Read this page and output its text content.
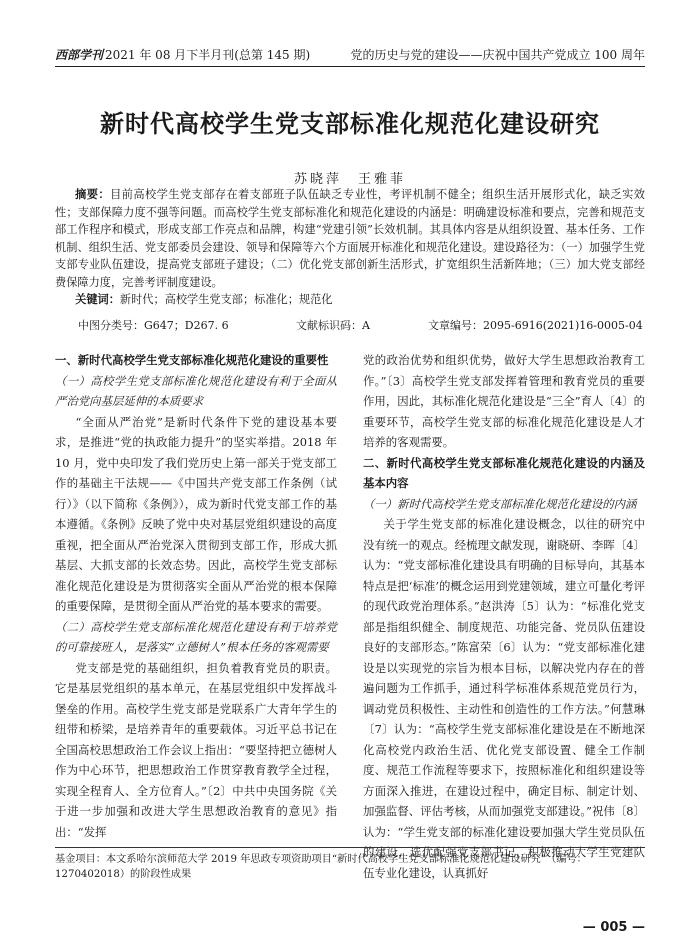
西部学刊 2021 年 08 月下半月刊(总第 145 期)	党的历史与党的建设——庆祝中国共产党成立 100 周年
新时代高校学生党支部标准化规范化建设研究
苏晓萍　王雅菲

摘要：目前高校学生党支部存在着支部班子队伍缺乏专业性，考评机制不健全；组织生活开展形式化，缺乏实效性；支部保障力度不强等问题。而高校学生党支部标准化和规范化建设的内涵是：明确建设标准和要点，完善和规范支部工作程序和模式，形成支部工作亮点和品牌，构建“党建引领”长效机制。其具体内容是从组织设置、基本任务、工作机制、组织生活、党支部委员会建设、领导和保障等六个方面展开标准化和规范化建设。建设路径为：（一）加强学生党支部专业队伍建设，提高党支部班子建设；（二）优化党支部创新生活形式，扩宽组织生活新阵地；（三）加大党支部经费保障力度，完善考评制度建设。

关键词：新时代；高校学生党支部；标准化；规范化

中图分类号：G647；D267. 6	文献标识码：A	文章编号：2095-6916(2021)16-0005-04

一、新时代高校学生党支部标准化规范化建设的重要性

（一）高校学生党支部标准化规范化建设有利于全面从严治党向基层延伸的本质要求

“全面从严治党”是新时代条件下党的建设基本要求，是推进“党的执政能力提升”的坚实举措。2018 年 10 月，党中央印发了我们党历史上第一部关于党支部工作的基础主干法规——《中国共产党支部工作条例（试行）》（以下简称《条例》），成为新时代党支部工作的基本遵循。《条例》反映了党中央对基层党组织建设的高度重视，把全面从严治党深入贯彻到支部工作，形成大抓基层、大抓支部的长效态势。因此，高校学生党支部标准化规范化建设是为贯彻落实全面从严治党的根本保障的重要保障，是贯彻全面从严治党的基本要求的需要。

（二）高校学生党支部标准化规范化建设有利于培养党的可靠接班人，是落实“立德树人”根本任务的客观需要

党支部是党的基础组织，担负着教育党员的职责。它是基层党组织的基本单元，在基层党组织中发挥战斗堡垒的作用。高校学生党支部是党联系广大青年学生的纽带和桥梁，是培养青年的重要载体。习近平总书记在全国高校思想政治工作会议上指出：“要坚持把立德树人作为中心环节，把思想政治工作贯穿教育教学全过程，实现全程育人、全方位育人。”〔2〕中共中央国务院《关于进一步加强和改进大学生思想政治教育的意见》指出：“发挥

党的政治优势和组织优势，做好大学生思想政治教育工作。”〔3〕高校学生党支部发挥着管理和教育党员的重要作用，因此，其标准化规范化建设是“三全”育人〔4〕的重要环节，高校学生党支部的标准化规范化建设是人才培养的客观需要。

二、新时代高校学生党支部标准化规范化建设的内涵及基本内容

（一）新时代高校学生党支部标准化规范化建设的内涵

关于学生党支部的标准化建设概念，以往的研究中没有统一的观点。经梳理文献发现，谢晓研、李晖〔4〕认为：“党支部标准化建设具有明确的目标导向，其基本特点是把‘标准’的概念运用到党建领域，建立可量化考评的现代政党治理体系。”赵洪涛〔5〕认为：“标准化党支部是指组织健全、制度规范、功能完备、党员队伍建设良好的支部形态。”陈富荣〔6〕认为：“党支部标准化建设是以实现党的宗旨为根本目标，以解决党内存在的普遍问题为工作抓手，通过科学标准体系规范党员行为，调动党员积极性、主动性和创造性的工作方法。”何慧琳〔7〕认为：“高校学生党支部标准化建设是在不断地深化高校党内政治生活、优化党支部设置、健全工作制度、规范工作流程等要求下，按照标准化和组织建设等方面深入推进，在建设过程中，确定目标、制定计划、加强监督、评估考核，从而加强党支部建设。”祝伟〔8〕认为：“学生党支部的标准化建设要加强大学生党员队伍的建设，选优配强党支部书记，积极推动大学生党建队伍专业化建设，认真抓好

基金项目：本文系哈尔滨师范大学 2019 年思政专项资助项目“新时代高校学生党支部标准化规范化建设研究”（编号：1270402018）的阶段性成果
— 005 —
